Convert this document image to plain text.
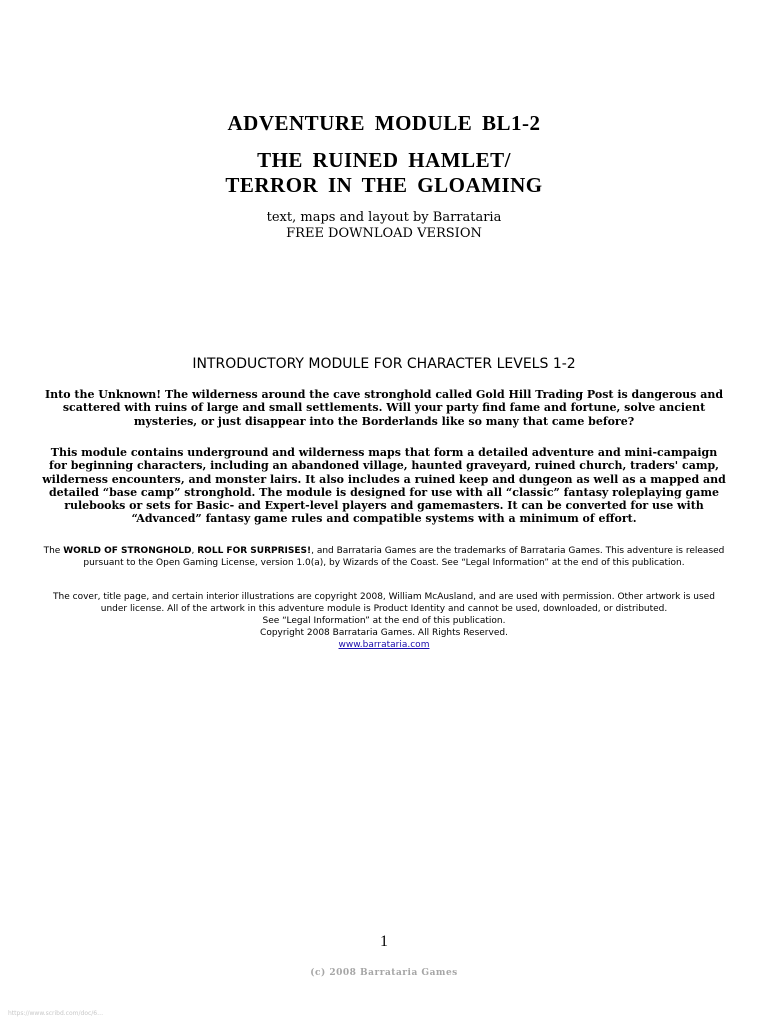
ADVENTURE MODULE BL1-2
THE RUINED HAMLET/
TERROR IN THE GLOAMING
text, maps and layout by Barrataria
FREE DOWNLOAD VERSION
INTRODUCTORY MODULE FOR CHARACTER LEVELS 1-2
Into the Unknown! The wilderness around the cave stronghold called Gold Hill Trading Post is dangerous and scattered with ruins of large and small settlements. Will your party find fame and fortune, solve ancient mysteries, or just disappear into the Borderlands like so many that came before?
This module contains underground and wilderness maps that form a detailed adventure and mini-campaign for beginning characters, including an abandoned village, haunted graveyard, ruined church, traders' camp, wilderness encounters, and monster lairs. It also includes a ruined keep and dungeon as well as a mapped and detailed “base camp” stronghold. The module is designed for use with all “classic” fantasy roleplaying game rulebooks or sets for Basic- and Expert-level players and gamemasters. It can be converted for use with “Advanced” fantasy game rules and compatible systems with a minimum of effort.
The WORLD OF STRONGHOLD, ROLL FOR SURPRISES!, and Barrataria Games are the trademarks of Barrataria Games. This adventure is released pursuant to the Open Gaming License, version 1.0(a), by Wizards of the Coast. See “Legal Information” at the end of this publication.
The cover, title page, and certain interior illustrations are copyright 2008, William McAusland, and are used with permission. Other artwork is used under license. All of the artwork in this adventure module is Product Identity and cannot be used, downloaded, or distributed.
See “Legal Information” at the end of this publication.
Copyright 2008 Barrataria Games. All Rights Reserved.
www.barrataria.com
1
(c) 2008 Barrataria Games
https://www.scribd.com/doc/6…
